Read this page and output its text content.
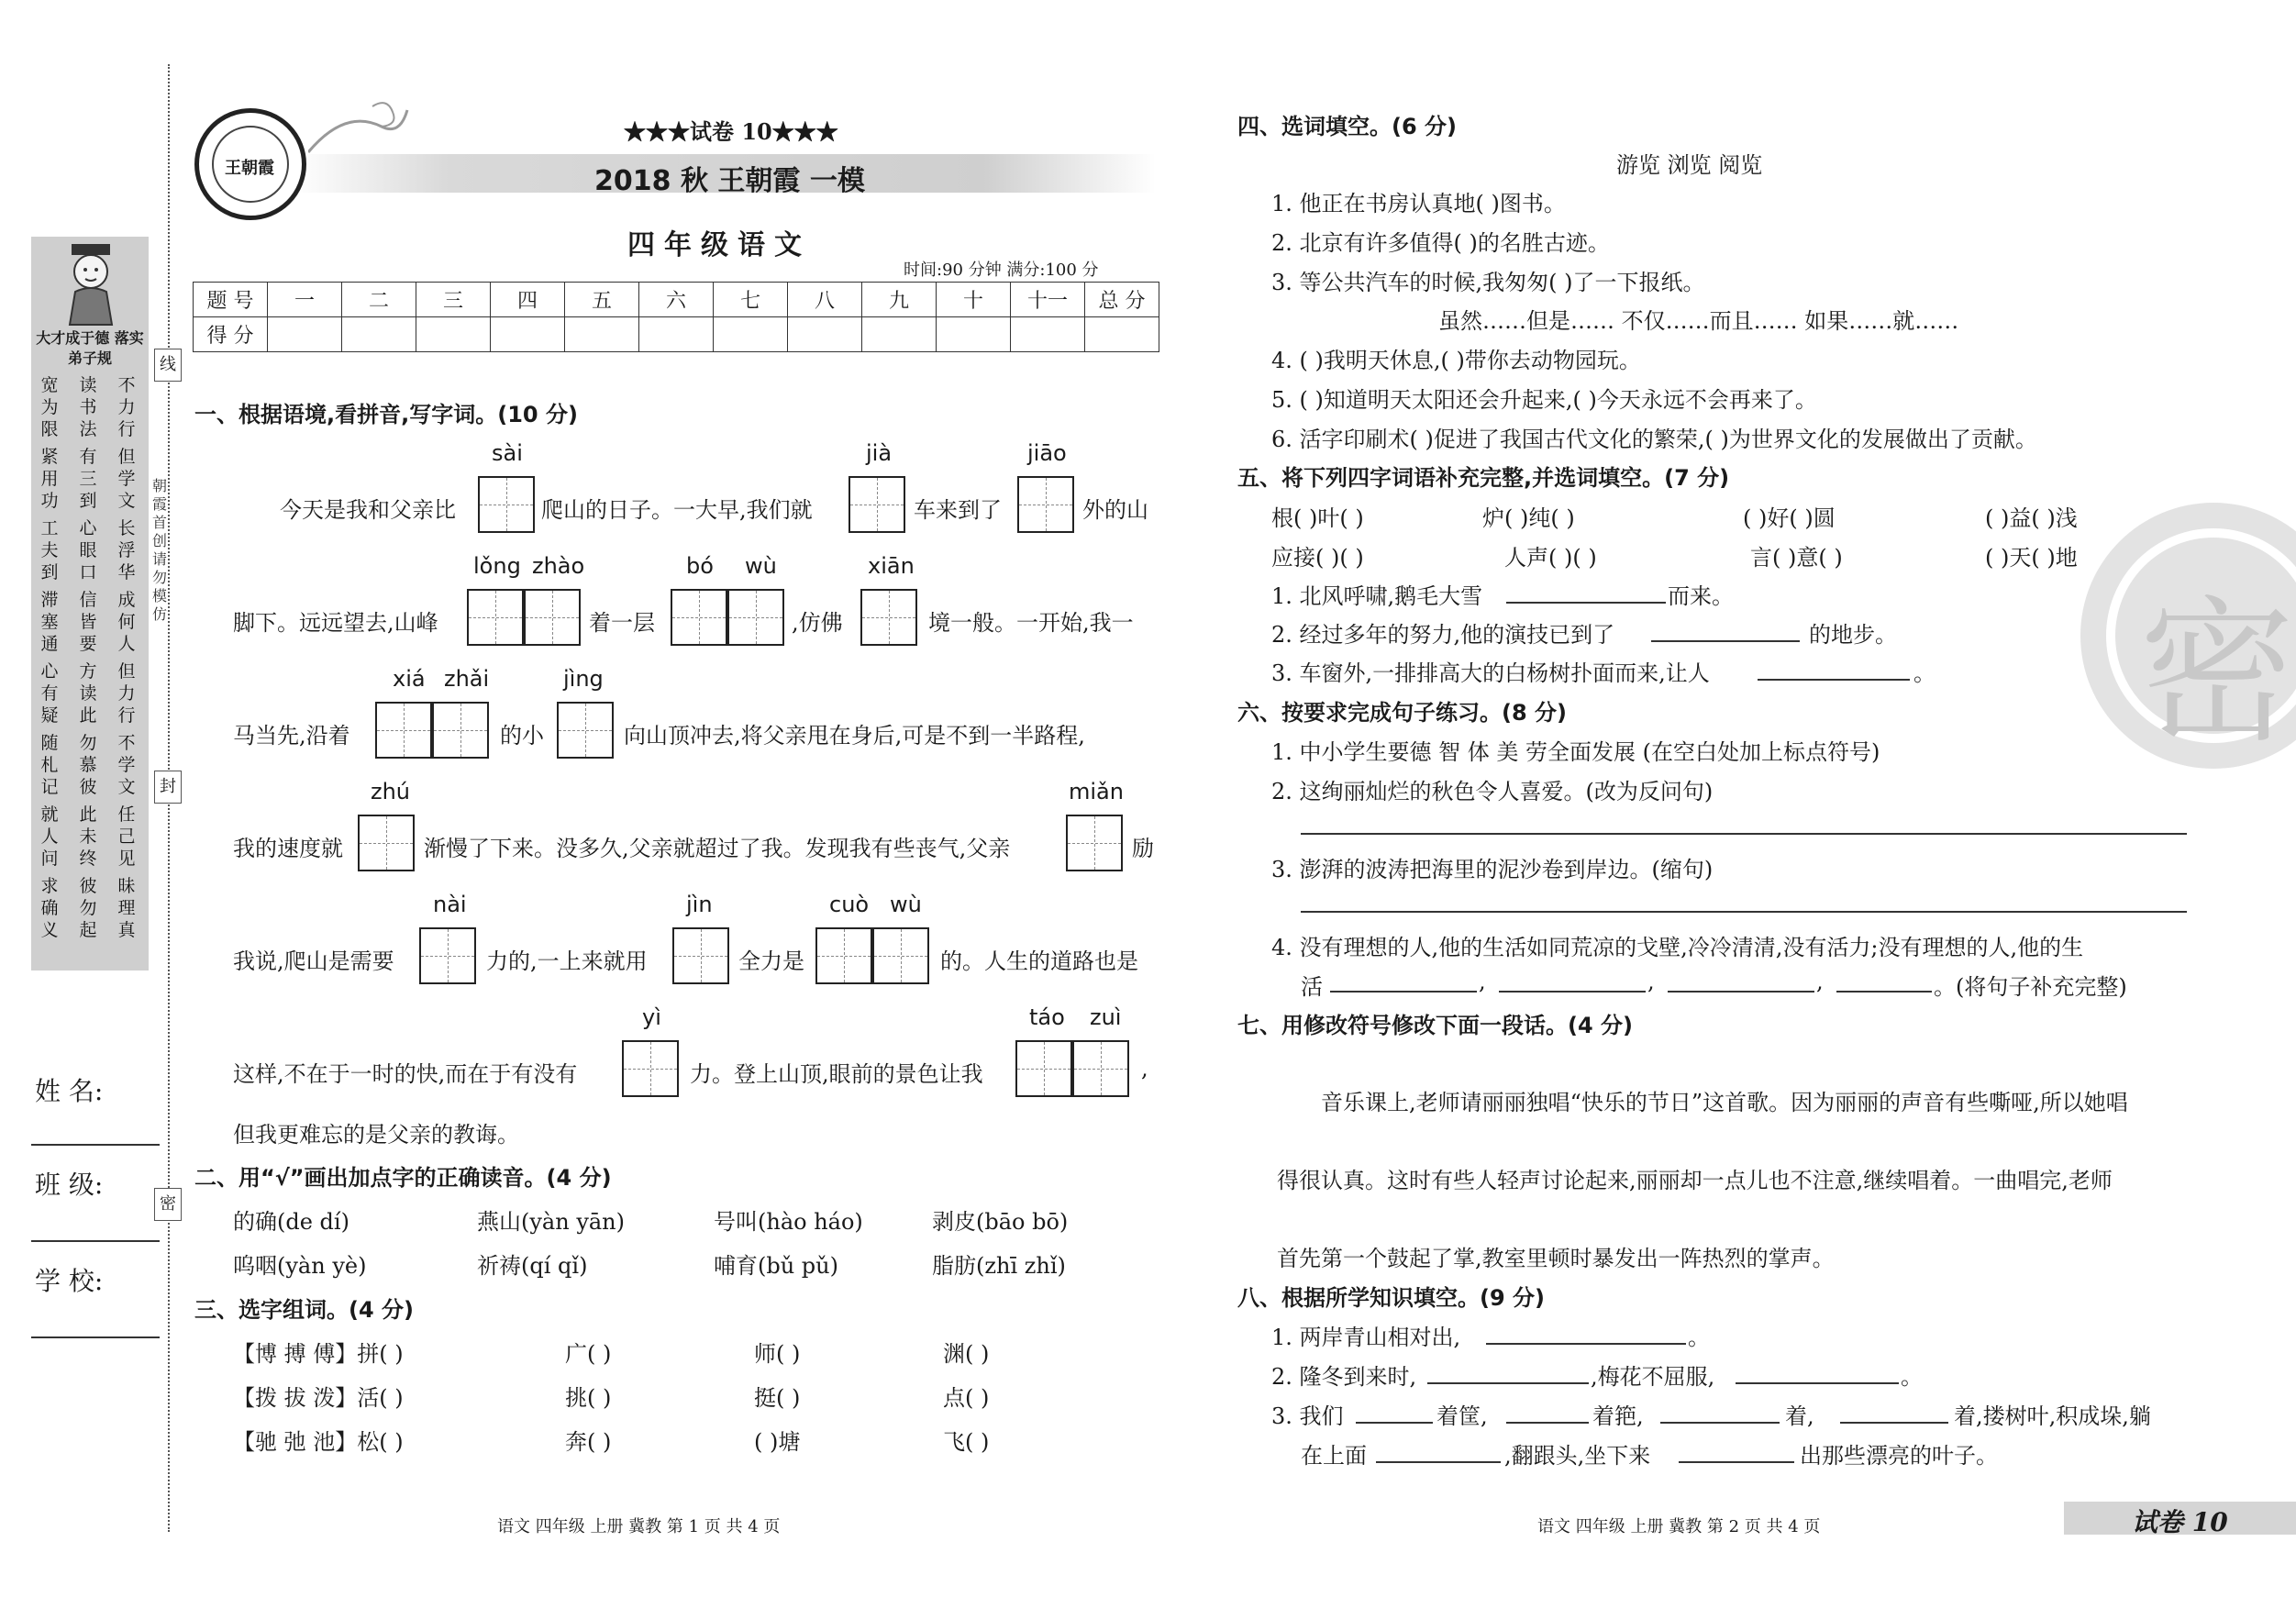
大才成于德 落实弟子规
宽为限
读书法
不力行
紧用功
有三到
但学文
工夫到
心眼口
长浮华
滞塞通
信皆要
成何人
心有疑
方读此
但力行
随札记
勿慕彼
不学文
就人问
此未终
任己见
求确义
彼勿起
昧理真
朝霞首创 请勿模仿
线
封
密
姓 名:
班 级:
学 校:
王朝霞
★★★试卷 10★★★
2018 秋 王朝霞 一模
四年级语文
时间:90 分钟 满分:100 分
题 号	一	二	三	四	五	六	七	八	九	十	十一	总 分
得 分												
一、根据语境,看拼音,写字词。(10 分)
sài	jià	jiāo
lǒng zhào	bó wù	xiān
xiá zhǎi	jìng
zhú	miǎn
nài	jìn	cuò wù
yì	táo zuì
今天是我和父亲比	爬山的日子。一大早,我们就	车来到了	外的山
脚下。远远望去,山峰	着一层	,仿佛	境一般。一开始,我一
马当先,沿着	的小	向山顶冲去,将父亲甩在身后,可是不到一半路程,
我的速度就	渐慢了下来。没多久,父亲就超过了我。发现我有些丧气,父亲	励
我说,爬山是需要	力的,一上来就用	全力是	的。人生的道路也是
这样,不在于一时的快,而在于有没有	力。登上山顶,眼前的景色让我	,
但我更难忘的是父亲的教诲。
二、用“√”画出加点字的正确读音。(4 分)
的确(de dí)	燕山(yàn yān)	号叫(hào háo)	剥皮(bāo bō)
呜咽(yàn yè)	祈祷(qí qǐ)	哺育(bǔ pǔ)	脂肪(zhī zhǐ)
三、选字组词。(4 分)
【博 搏 傅】拼( )	广( )	师( )	渊( )
【拨 拔 泼】活( )	挑( )	挺( )	点( )
【驰 弛 池】松( )	奔( )	( )塘	飞( )
语文 四年级 上册 冀教 第 1 页 共 4 页
密
四、选词填空。(6 分)
游览 浏览 阅览
1. 他正在书房认真地( )图书。
2. 北京有许多值得( )的名胜古迹。
3. 等公共汽车的时候,我匆匆( )了一下报纸。
虽然……但是…… 不仅……而且…… 如果……就……
4. ( )我明天休息,( )带你去动物园玩。
5. ( )知道明天太阳还会升起来,( )今天永远不会再来了。
6. 活字印刷术( )促进了我国古代文化的繁荣,( )为世界文化的发展做出了贡献。
五、将下列四字词语补充完整,并选词填空。(7 分)
根( )叶( )	炉( )纯( )	( )好( )圆	( )益( )浅
应接( )( )	人声( )( )	言( )意( )	( )天( )地
1. 北风呼啸,鹅毛大雪	而来。
2. 经过多年的努力,他的演技已到了	的地步。
3. 车窗外,一排排高大的白杨树扑面而来,让人	。
六、按要求完成句子练习。(8 分)
1. 中小学生要德 智 体 美 劳全面发展 (在空白处加上标点符号)
2. 这绚丽灿烂的秋色令人喜爱。(改为反问句)
3. 澎湃的波涛把海里的泥沙卷到岸边。(缩句)
4. 没有理想的人,他的生活如同荒凉的戈壁,冷冷清清,没有活力;没有理想的人,他的生
活	,	,	,	。(将句子补充完整)
七、用修改符号修改下面一段话。(4 分)
音乐课上,老师请丽丽独唱“快乐的节日”这首歌。因为丽丽的声音有些嘶哑,所以她唱
得很认真。这时有些人轻声讨论起来,丽丽却一点儿也不注意,继续唱着。一曲唱完,老师
首先第一个鼓起了掌,教室里顿时暴发出一阵热烈的掌声。
八、根据所学知识填空。(9 分)
1. 两岸青山相对出,	。
2. 隆冬到来时,	,梅花不屈服,	。
3. 我们	着筐,	着筢,	着,	着,搂树叶,积成垛,躺
在上面	,翻跟头,坐下来	出那些漂亮的叶子。
语文 四年级 上册 冀教 第 2 页 共 4 页	试卷 10
